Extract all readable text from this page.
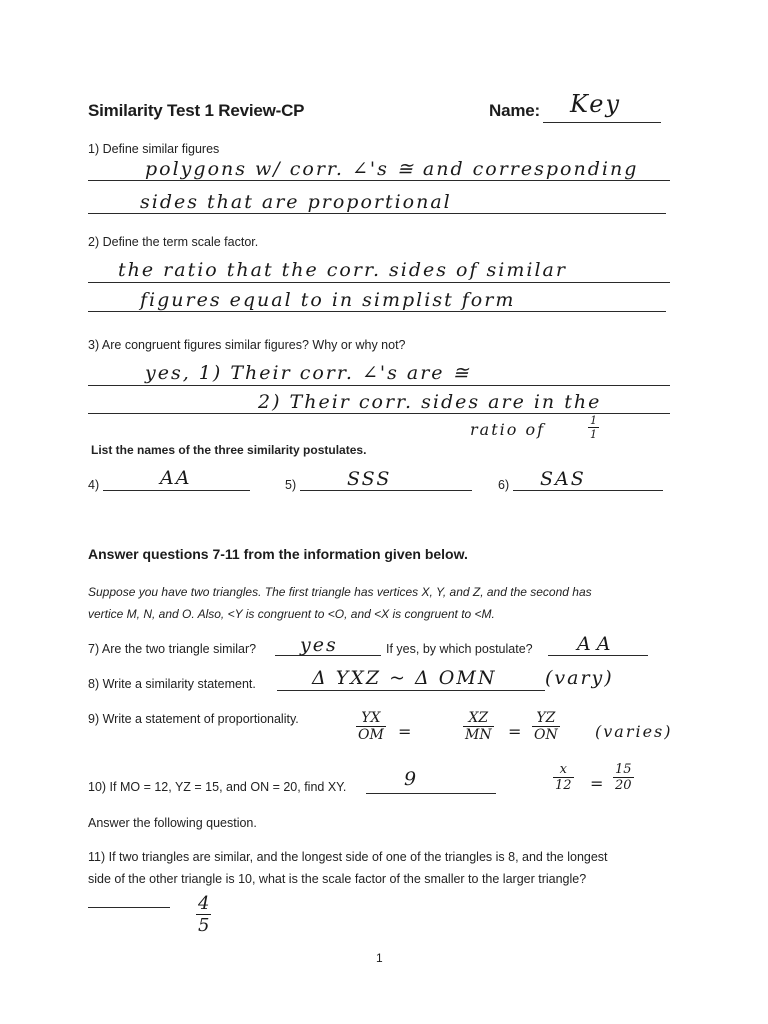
Similarity Test 1 Review-CP	Name: Key
1) Define similar figures
polygons w/ corr. ∠'s ≅ and corresponding
sides that are proportional
2) Define the term scale factor.
the ratio that the corr. sides of similar
figures equal to in simplist form
3) Are congruent figures similar figures? Why or why not?
yes, 1) Their corr. ∠'s are ≅
2) Their corr. sides are in the
ratio of	$\frac{1}{1}$
List the names of the three similarity postulates.
4)	AA	5)	SSS	6) SAS
Answer questions 7-11 from the information given below.
Suppose you have two triangles. The first triangle has vertices X, Y, and Z, and the second has
vertice M, N, and O. Also, <Y is congruent to <O, and <X is congruent to <M.
7) Are the two triangle similar? yes	If yes, by which postulate? AA
8) Write a similarity statement.	Δ YXZ ~ Δ OMN	(vary)
9) Write a statement of proportionality.	$\frac{YX}{OM}$ =	$\frac{XZ}{MN} = \frac{YZ}{ON}$ (varies)
10) If MO = 12, YZ = 15, and ON = 20, find XY.	9	$\frac{x}{12} = \frac{15}{20}$
Answer the following question.
11) If two triangles are similar, and the longest side of one of the triangles is 8, and the longest
side of the other triangle is 10, what is the scale factor of the smaller to the larger triangle?
$\frac{4}{5}$
1
